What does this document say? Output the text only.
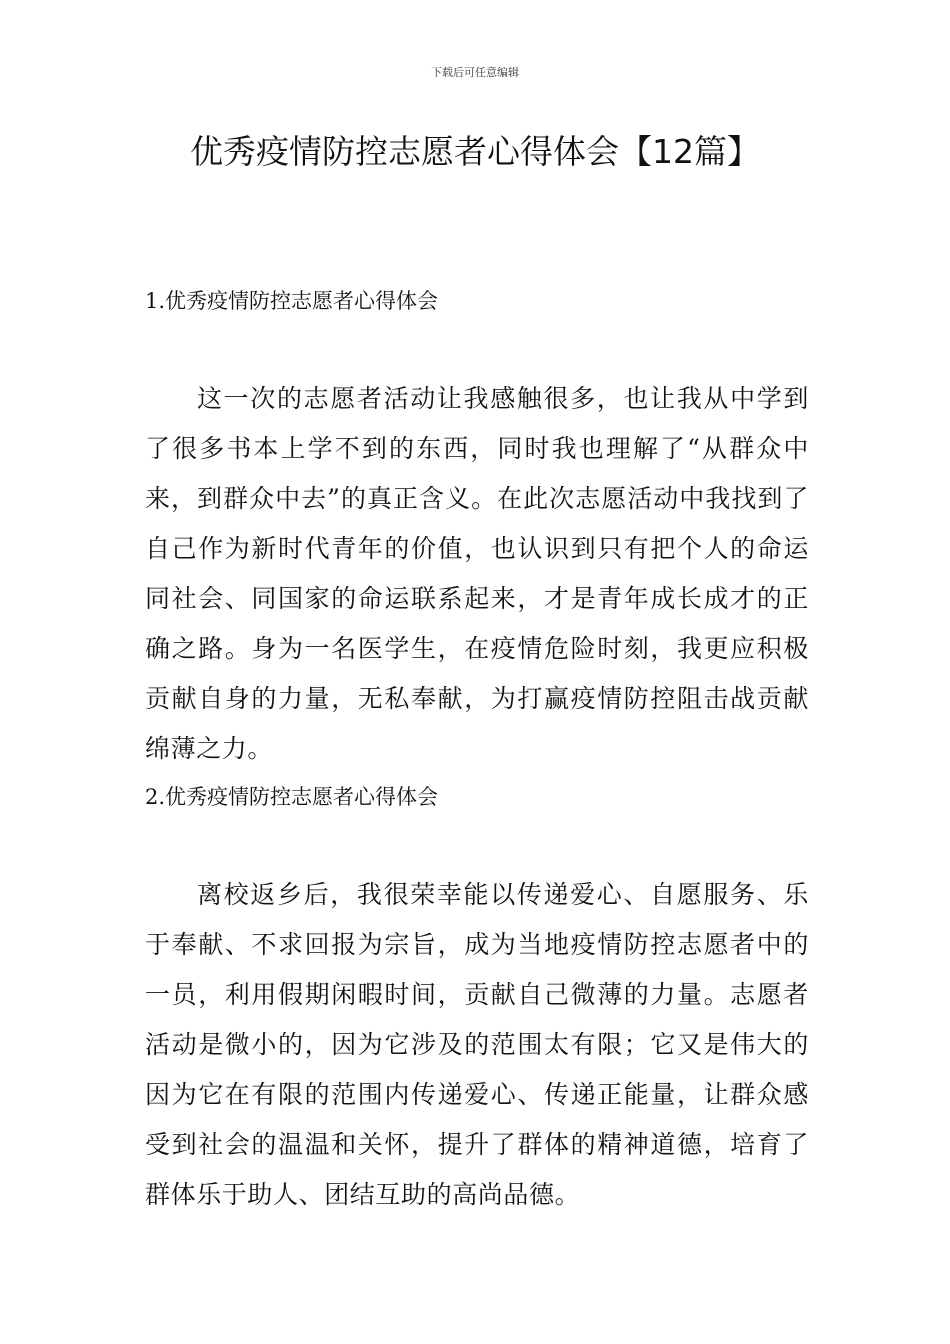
下载后可任意编辑
优秀疫情防控志愿者心得体会【12篇】
1.优秀疫情防控志愿者心得体会

这一次的志愿者活动让我感触很多，也让我从中学到了很多书本上学不到的东西，同时我也理解了“从群众中来，到群众中去”的真正含义。在此次志愿活动中我找到了自己作为新时代青年的价值，也认识到只有把个人的命运同社会、同国家的命运联系起来，才是青年成长成才的正确之路。身为一名医学生，在疫情危险时刻，我更应积极贡献自身的力量，无私奉献，为打赢疫情防控阻击战贡献绵薄之力。

2.优秀疫情防控志愿者心得体会

离校返乡后，我很荣幸能以传递爱心、自愿服务、乐于奉献、不求回报为宗旨，成为当地疫情防控志愿者中的一员，利用假期闲暇时间，贡献自己微薄的力量。志愿者活动是微小的，因为它涉及的范围太有限；它又是伟大的因为它在有限的范围内传递爱心、传递正能量，让群众感受到社会的温温和关怀，提升了群体的精神道德，培育了群体乐于助人、团结互助的高尚品德。
